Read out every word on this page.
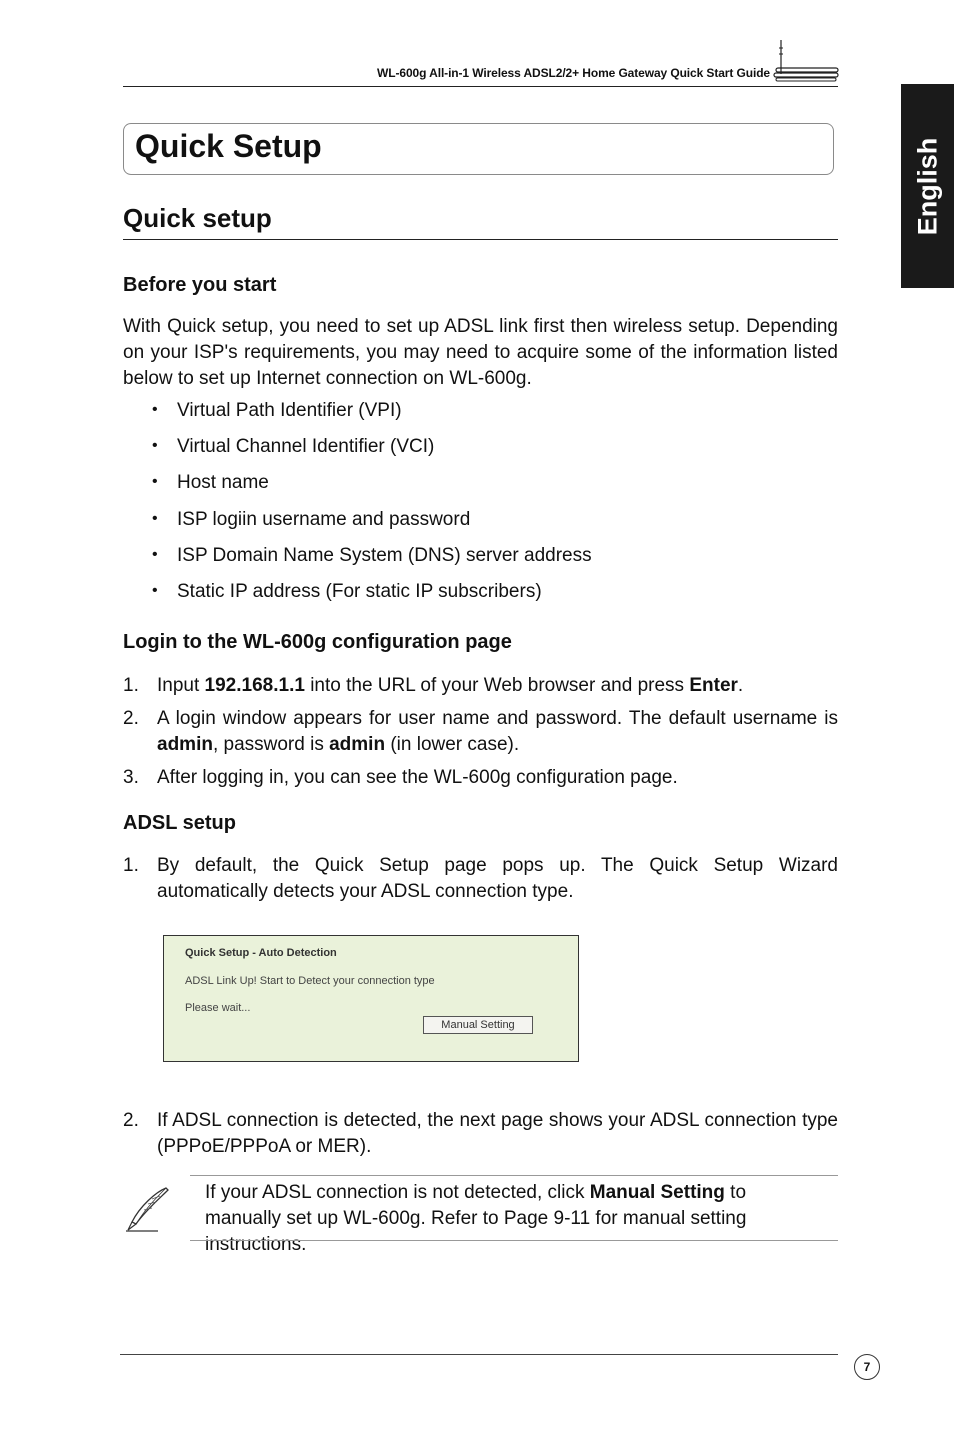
WL-600g All-in-1 Wireless ADSL2/2+ Home Gateway Quick Start Guide
English
Quick Setup
Quick setup
Before you start
With Quick setup, you need to set up ADSL link first then wireless setup. Depending on your ISP's requirements, you may need to acquire some of the information listed below to set up Internet connection on WL-600g.
• Virtual Path Identifier (VPI)
• Virtual Channel Identifier (VCI)
• Host name
• ISP logiin username and password
• ISP Domain Name System (DNS) server address
• Static IP address (For static IP subscribers)
Login to the WL-600g configuration page
1. Input 192.168.1.1 into the URL of your Web browser and press Enter.
2. A login window appears for user name and password. The default username is admin, password is admin (in lower case).
3. After logging in, you can see the WL-600g configuration page.
ADSL setup
1. By default, the Quick Setup page pops up. The Quick Setup Wizard automatically detects your ADSL connection type.
Quick Setup - Auto Detection
ADSL Link Up! Start to Detect your connection type
Please wait...
Manual Setting
2. If ADSL connection is detected, the next page shows your ADSL connection type (PPPoE/PPPoA or MER).
If your ADSL connection is not detected, click Manual Setting to manually set up WL-600g. Refer to Page 9-11 for manual setting instructions.
7
